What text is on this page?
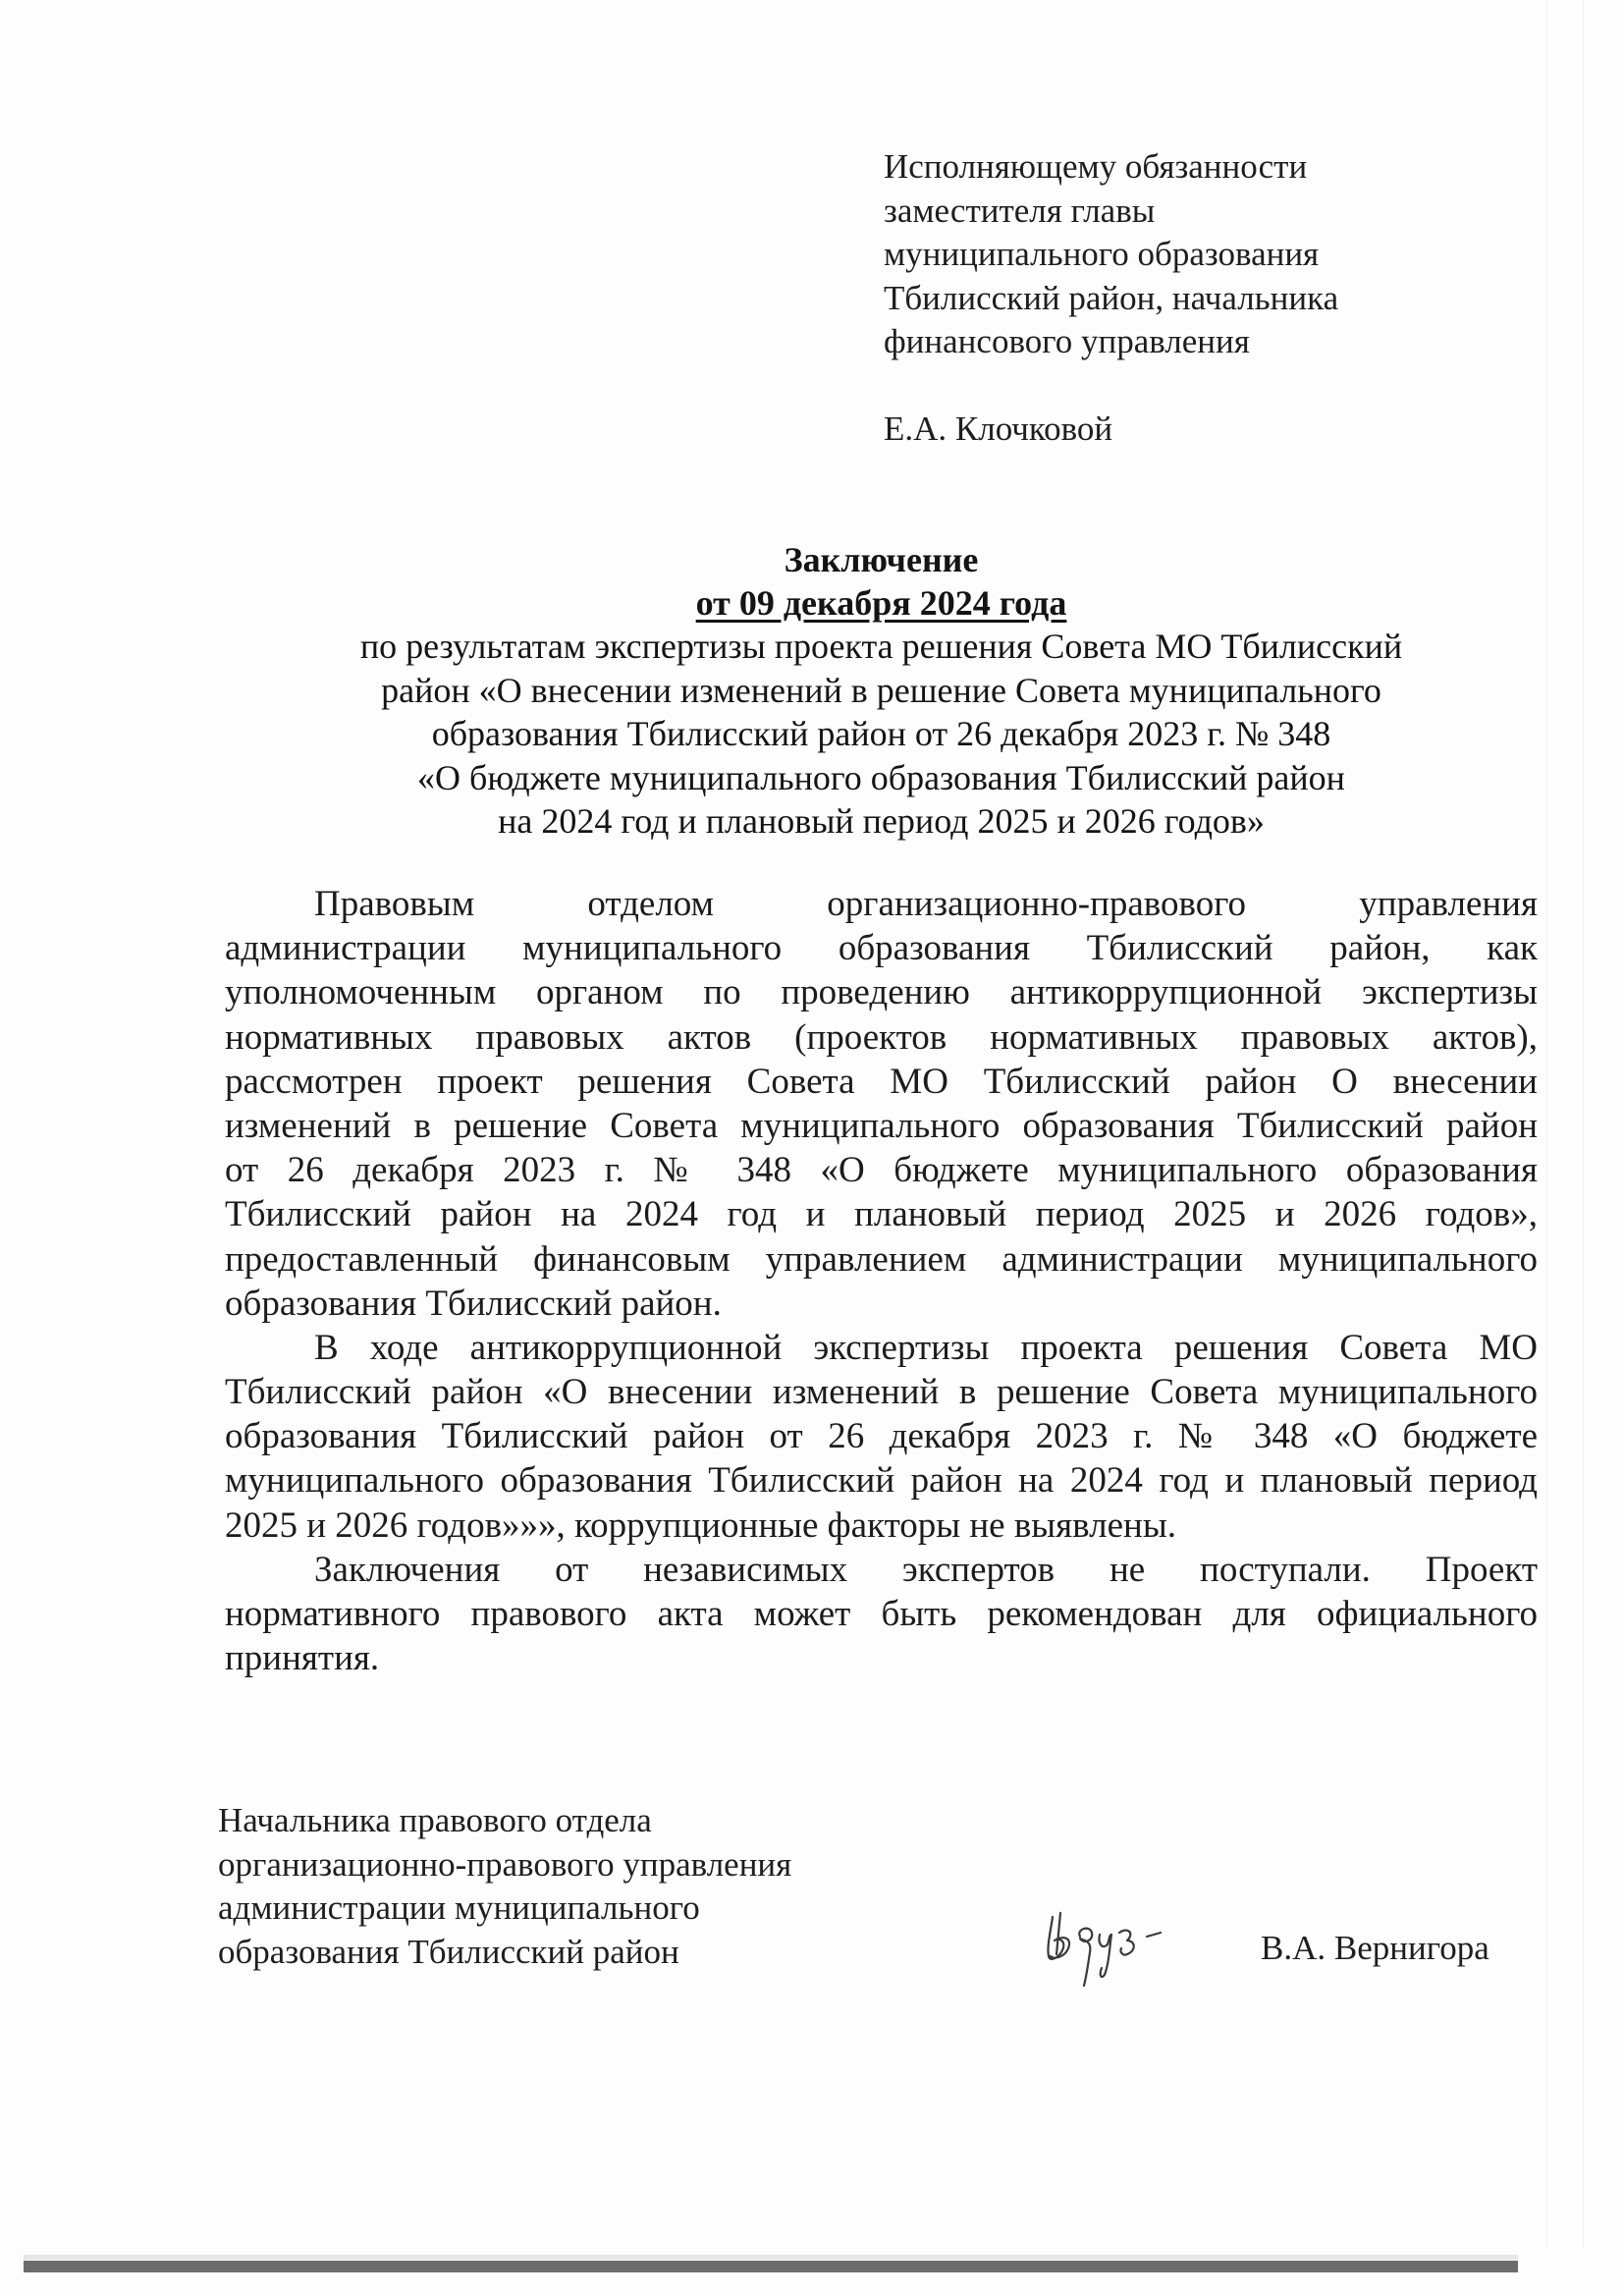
Исполняющему обязанности
заместителя главы
муниципального образования
Тбилисский район, начальника
финансового управления
Е.А. Клочковой
Заключение
от 09 декабря 2024 года
по результатам экспертизы проекта решения Совета МО Тбилисский
район «О внесении изменений в решение Совета муниципального
образования Тбилисский район от 26 декабря 2023 г. № 348
«О бюджете муниципального образования Тбилисский район
на 2024 год и плановый период 2025 и 2026 годов»
Правовым отделом организационно-правового управления
администрации муниципального образования Тбилисский район, как
уполномоченным органом по проведению антикоррупционной экспертизы
нормативных правовых актов (проектов нормативных правовых актов),
рассмотрен проект решения Совета МО Тбилисский район О внесении
изменений в решение Совета муниципального образования Тбилисский район
от 26 декабря 2023 г. № 348 «О бюджете муниципального образования
Тбилисский район на 2024 год и плановый период 2025 и 2026 годов»,
предоставленный финансовым управлением администрации муниципального
образования Тбилисский район.
В ходе антикоррупционной экспертизы проекта решения Совета МО
Тбилисский район «О внесении изменений в решение Совета муниципального
образования Тбилисский район от 26 декабря 2023 г. № 348 «О бюджете
муниципального образования Тбилисский район на 2024 год и плановый период
2025 и 2026 годов»»», коррупционные факторы не выявлены.
Заключения от независимых экспертов не поступали. Проект
нормативного правового акта может быть рекомендован для официального
принятия.
Начальника правового отдела
организационно-правового управления
администрации муниципального
образования Тбилисский район	В.А. Вернигора
